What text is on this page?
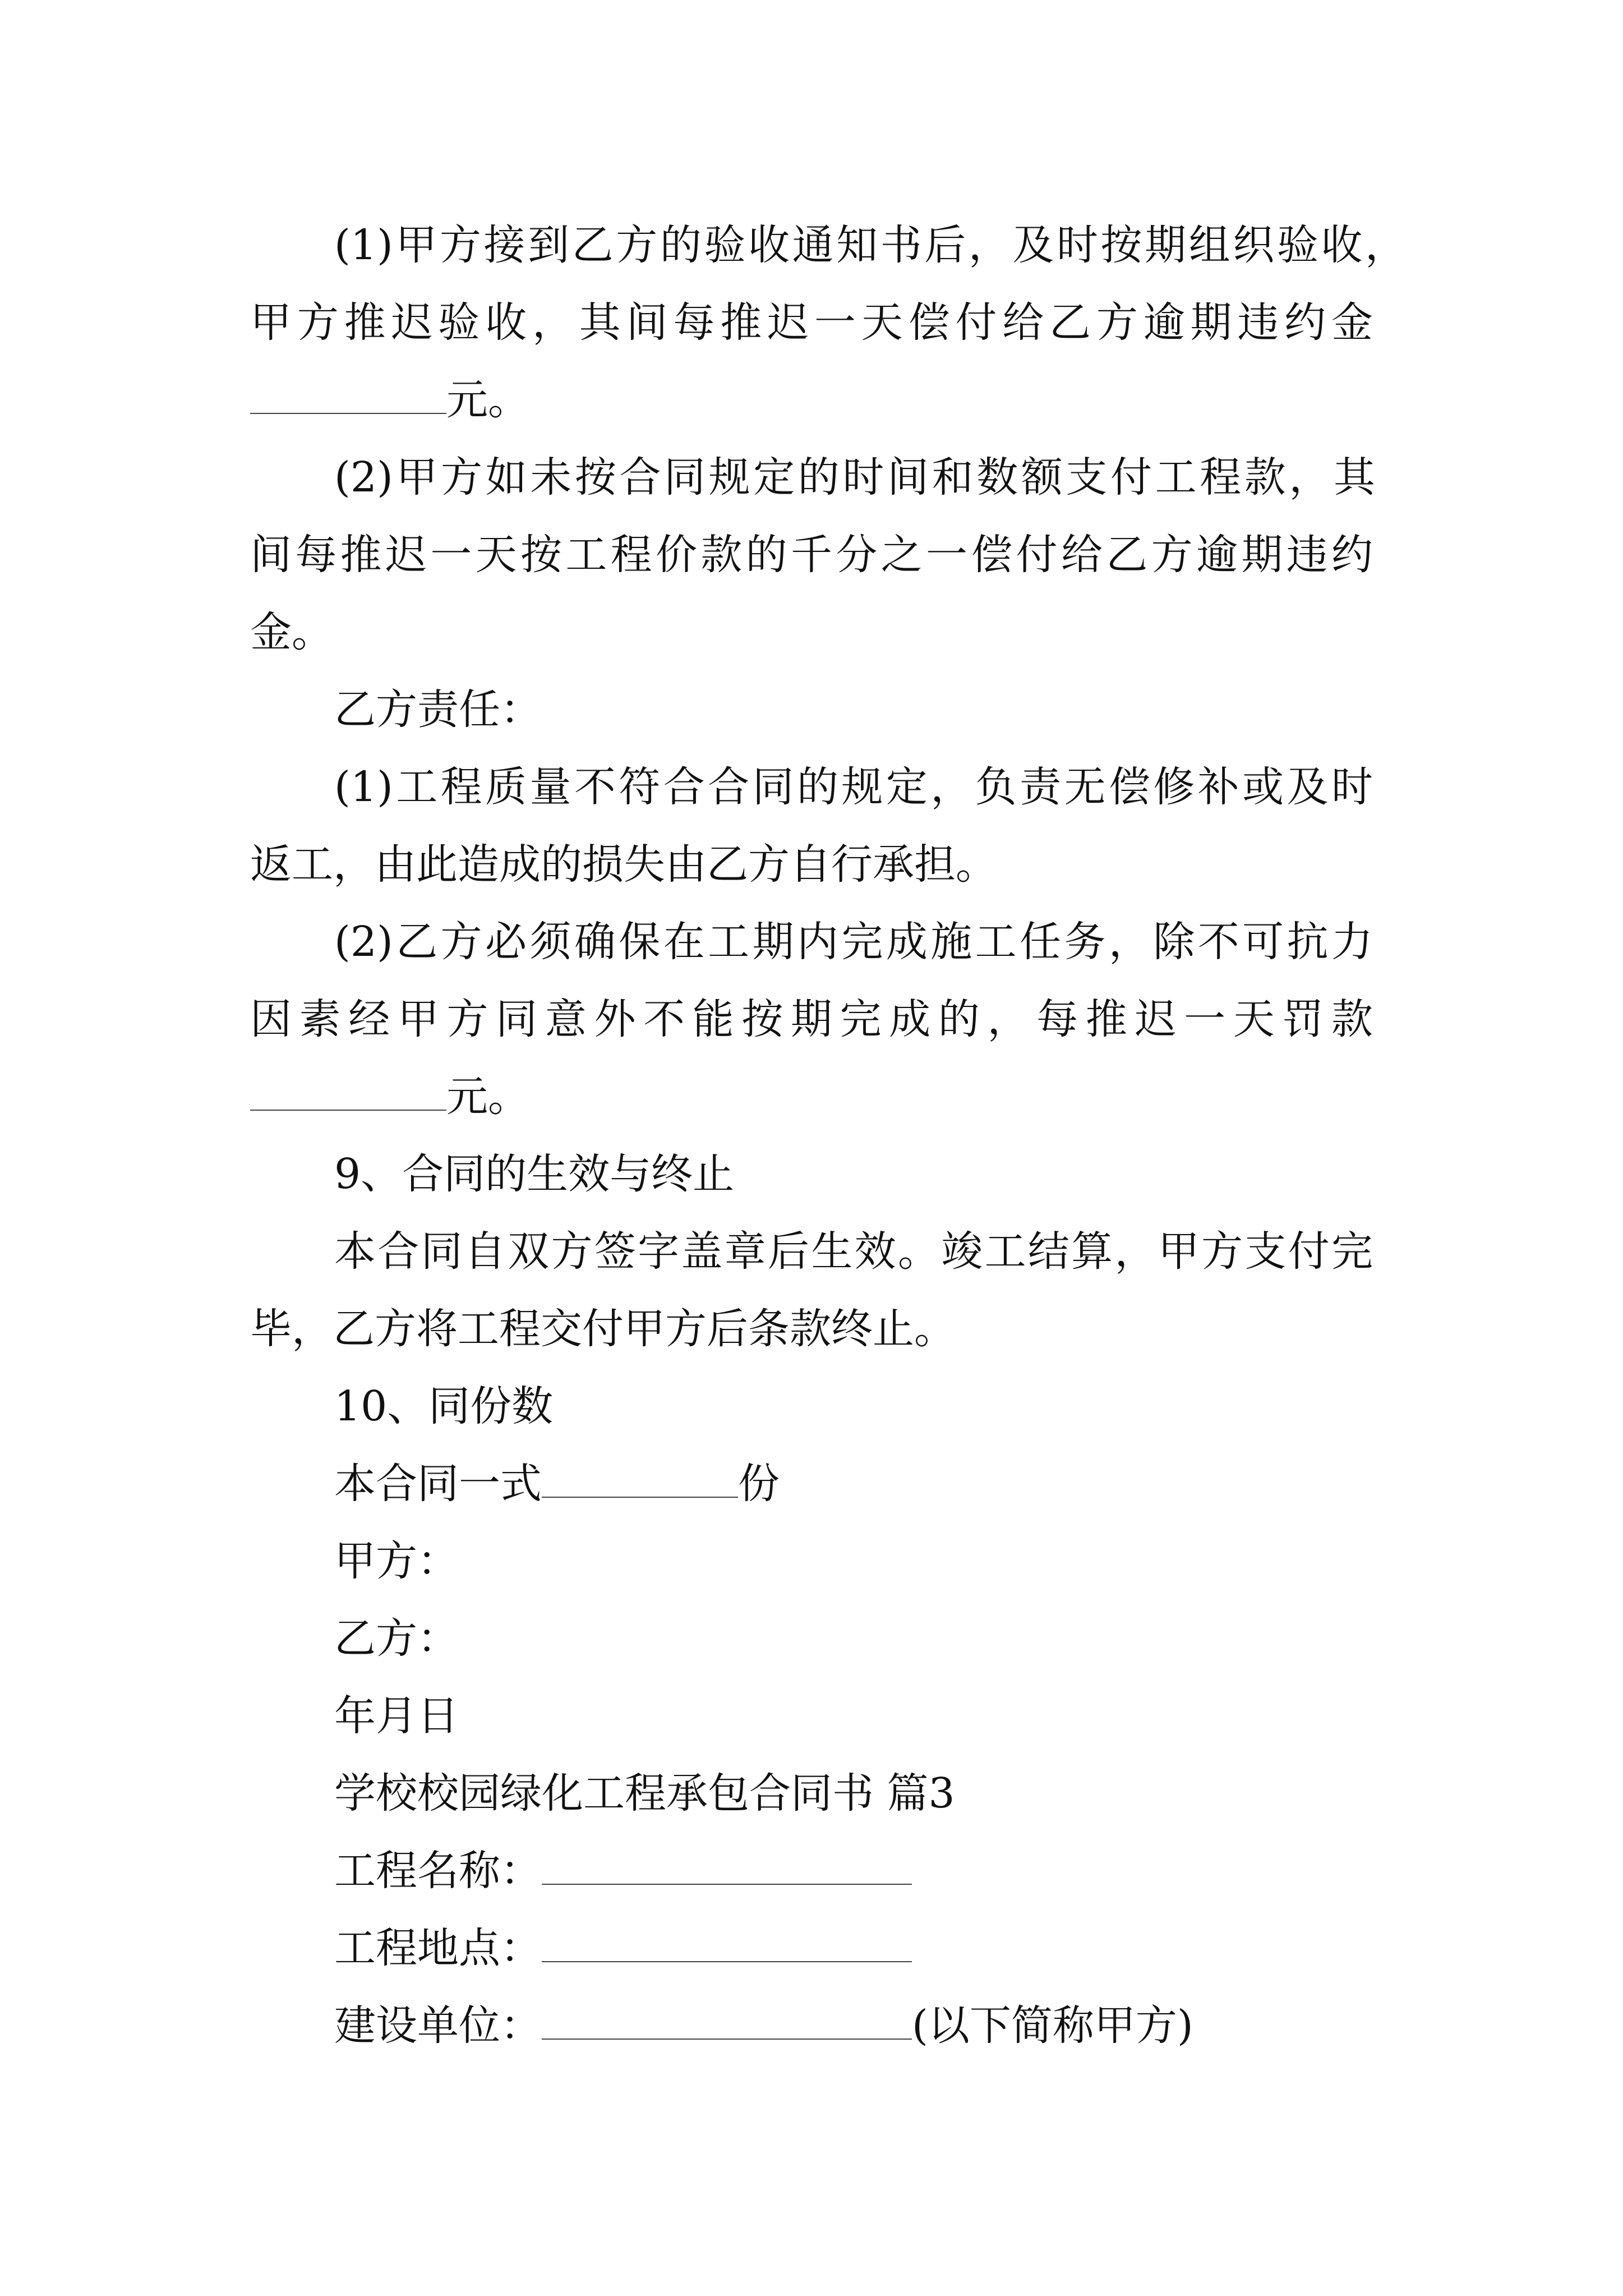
(1)甲方接到乙方的验收通知书后，及时按期组织验收，
甲方推迟验收，其间每推迟一天偿付给乙方逾期违约金
元。
(2)甲方如未按合同规定的时间和数额支付工程款，其
间每推迟一天按工程价款的千分之一偿付给乙方逾期违约
金。
乙方责任：
(1)工程质量不符合合同的规定，负责无偿修补或及时
返工，由此造成的损失由乙方自行承担。
(2)乙方必须确保在工期内完成施工任务，除不可抗力
因素经甲方同意外不能按期完成的，每推迟一天罚款
元。
9、合同的生效与终止
本合同自双方签字盖章后生效。竣工结算，甲方支付完
毕，乙方将工程交付甲方后条款终止。
10、同份数
本合同一式	份
甲方：
乙方：
年月日
学校校园绿化工程承包合同书 篇3
工程名称：
工程地点：
建设单位：	(以下简称甲方)
